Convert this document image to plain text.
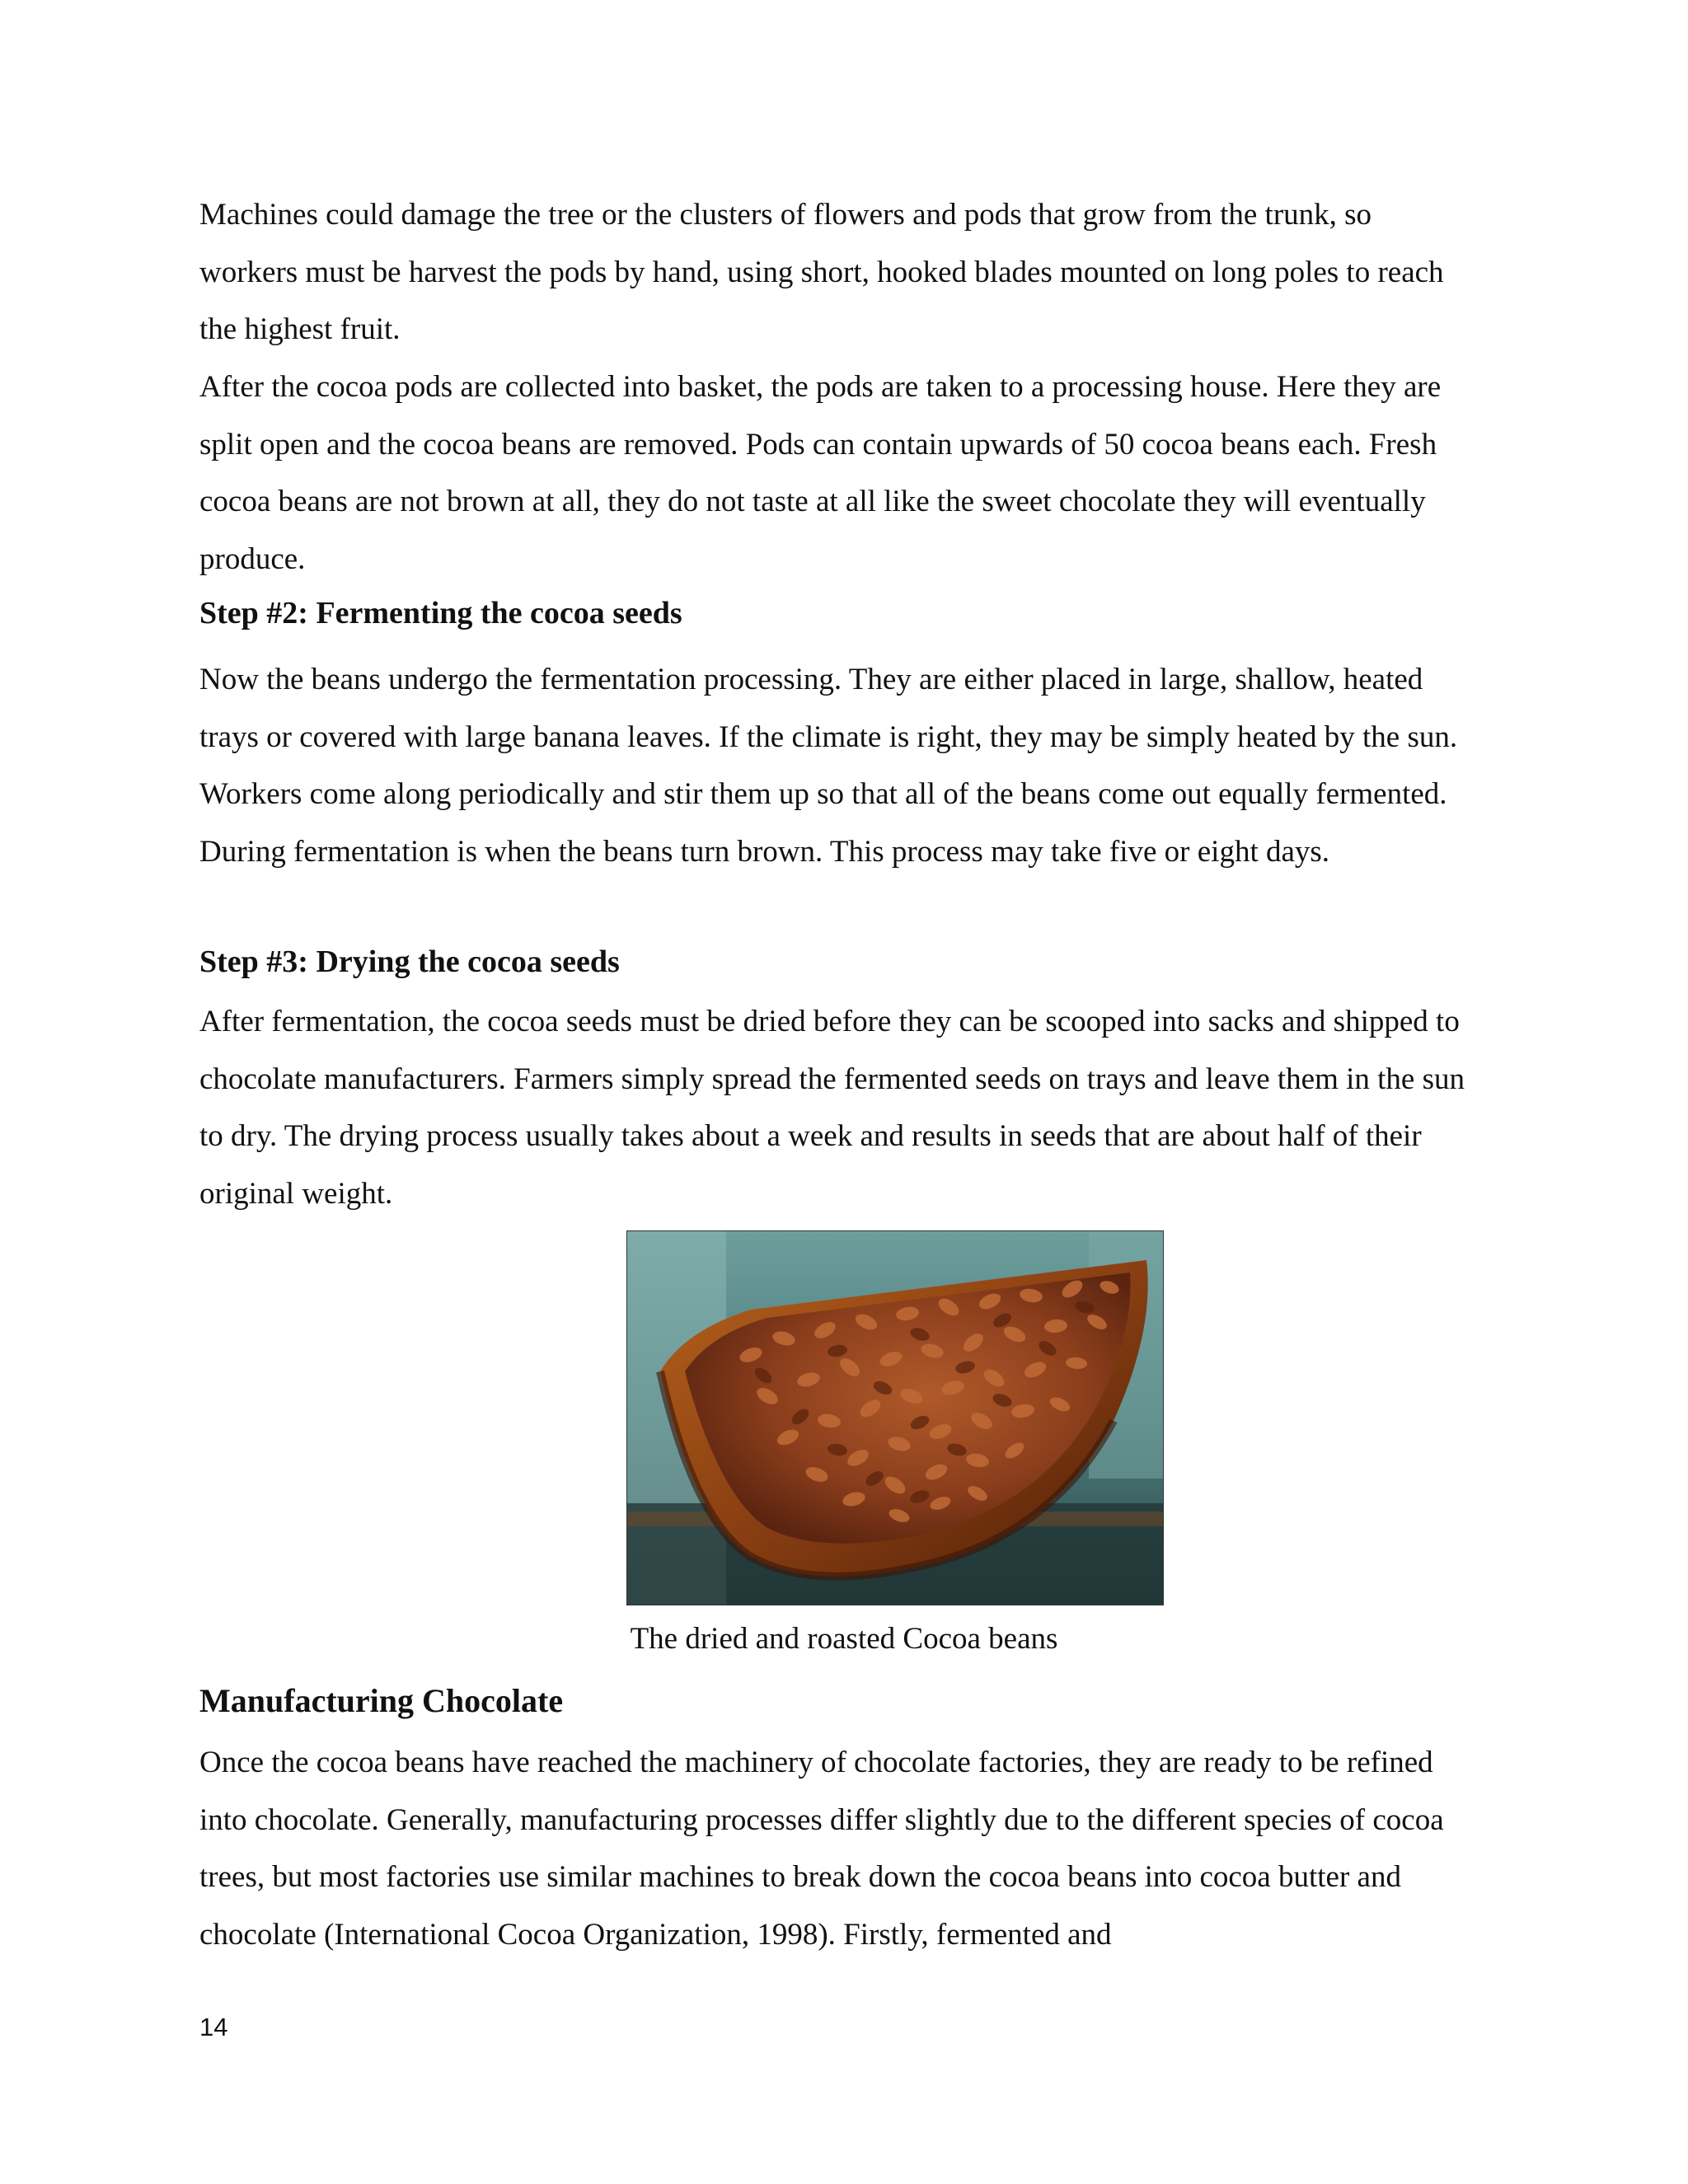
Machines could damage the tree or the clusters of flowers and pods that grow from the trunk, so workers must be harvest the pods by hand, using short, hooked blades mounted on long poles to reach the highest fruit.

After the cocoa pods are collected into basket, the pods are taken to a processing house. Here they are split open and the cocoa beans are removed. Pods can contain upwards of 50 cocoa beans each. Fresh cocoa beans are not brown at all, they do not taste at all like the sweet chocolate they will eventually produce.

Step #2: Fermenting the cocoa seeds

Now the beans undergo the fermentation processing. They are either placed in large, shallow, heated trays or covered with large banana leaves. If the climate is right, they may be simply heated by the sun. Workers come along periodically and stir them up so that all of the beans come out equally fermented. During fermentation is when the beans turn brown. This process may take five or eight days.

Step #3: Drying the cocoa seeds

After fermentation, the cocoa seeds must be dried before they can be scooped into sacks and shipped to chocolate manufacturers. Farmers simply spread the fermented seeds on trays and leave them in the sun to dry. The drying process usually takes about a week and results in seeds that are about half of their original weight.

The dried and roasted Cocoa beans

Manufacturing Chocolate

Once the cocoa beans have reached the machinery of chocolate factories, they are ready to be refined into chocolate. Generally, manufacturing processes differ slightly due to the different species of cocoa trees, but most factories use similar machines to break down the cocoa beans into cocoa butter and chocolate (International Cocoa Organization, 1998). Firstly, fermented and

14
